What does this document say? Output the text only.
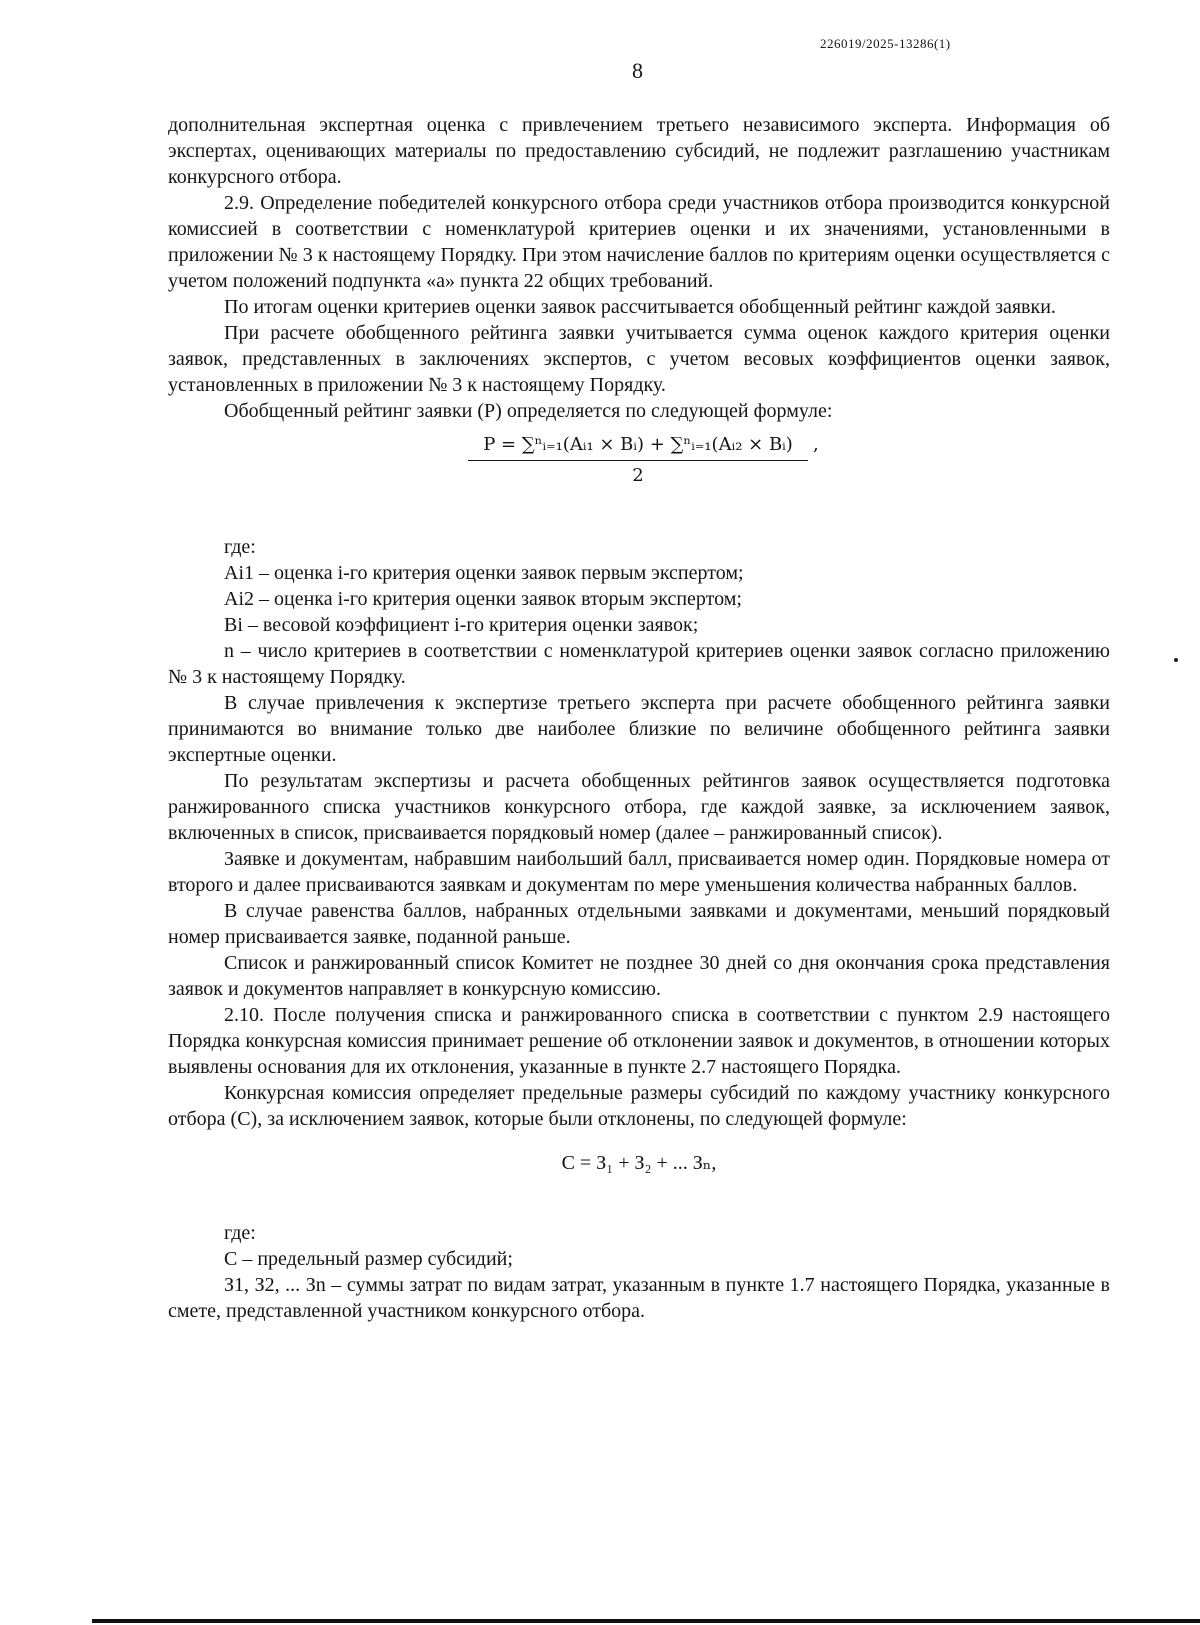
226019/2025-13286(1)
8

дополнительная экспертная оценка с привлечением третьего независимого эксперта. Информация об экспертах, оценивающих материалы по предоставлению субсидий, не подлежит разглашению участникам конкурсного отбора.

2.9. Определение победителей конкурсного отбора среди участников отбора производится конкурсной комиссией в соответствии с номенклатурой критериев оценки и их значениями, установленными в приложении № 3 к настоящему Порядку. При этом начисление баллов по критериям оценки осуществляется с учетом положений подпункта «а» пункта 22 общих требований.

По итогам оценки критериев оценки заявок рассчитывается обобщенный рейтинг каждой заявки.

При расчете обобщенного рейтинга заявки учитывается сумма оценок каждого критерия оценки заявок, представленных в заключениях экспертов, с учетом весовых коэффициентов оценки заявок, установленных в приложении № 3 к настоящему Порядку.

Обобщенный рейтинг заявки (P) определяется по следующей формуле:

$\frac{\text{P = ∑ⁿᵢ₌₁(Aᵢ₁ × Bᵢ) + ∑ⁿᵢ₌₁(Aᵢ₂ × Bᵢ)}}{2}$ ,

где:

Ai1 – оценка i-го критерия оценки заявок первым экспертом;

Ai2 – оценка i-го критерия оценки заявок вторым экспертом;

Bi – весовой коэффициент i-го критерия оценки заявок;

n – число критериев в соответствии с номенклатурой критериев оценки заявок согласно приложению № 3 к настоящему Порядку.

В случае привлечения к экспертизе третьего эксперта при расчете обобщенного рейтинга заявки принимаются во внимание только две наиболее близкие по величине обобщенного рейтинга заявки экспертные оценки.

По результатам экспертизы и расчета обобщенных рейтингов заявок осуществляется подготовка ранжированного списка участников конкурсного отбора, где каждой заявке, за исключением заявок, включенных в список, присваивается порядковый номер (далее – ранжированный список).

Заявке и документам, набравшим наибольший балл, присваивается номер один. Порядковые номера от второго и далее присваиваются заявкам и документам по мере уменьшения количества набранных баллов.

В случае равенства баллов, набранных отдельными заявками и документами, меньший порядковый номер присваивается заявке, поданной раньше.

Список и ранжированный список Комитет не позднее 30 дней со дня окончания срока представления заявок и документов направляет в конкурсную комиссию.

2.10. После получения списка и ранжированного списка в соответствии с пунктом 2.9 настоящего Порядка конкурсная комиссия принимает решение об отклонении заявок и документов, в отношении которых выявлены основания для их отклонения, указанные в пункте 2.7 настоящего Порядка.

Конкурсная комиссия определяет предельные размеры субсидий по каждому участнику конкурсного отбора (C), за исключением заявок, которые были отклонены, по следующей формуле:

C = З₁ + З₂ + ... Зₙ,

где:

C – предельный размер субсидий;

З1, З2, ... Зn – суммы затрат по видам затрат, указанным в пункте 1.7 настоящего Порядка, указанные в смете, представленной участником конкурсного отбора.
